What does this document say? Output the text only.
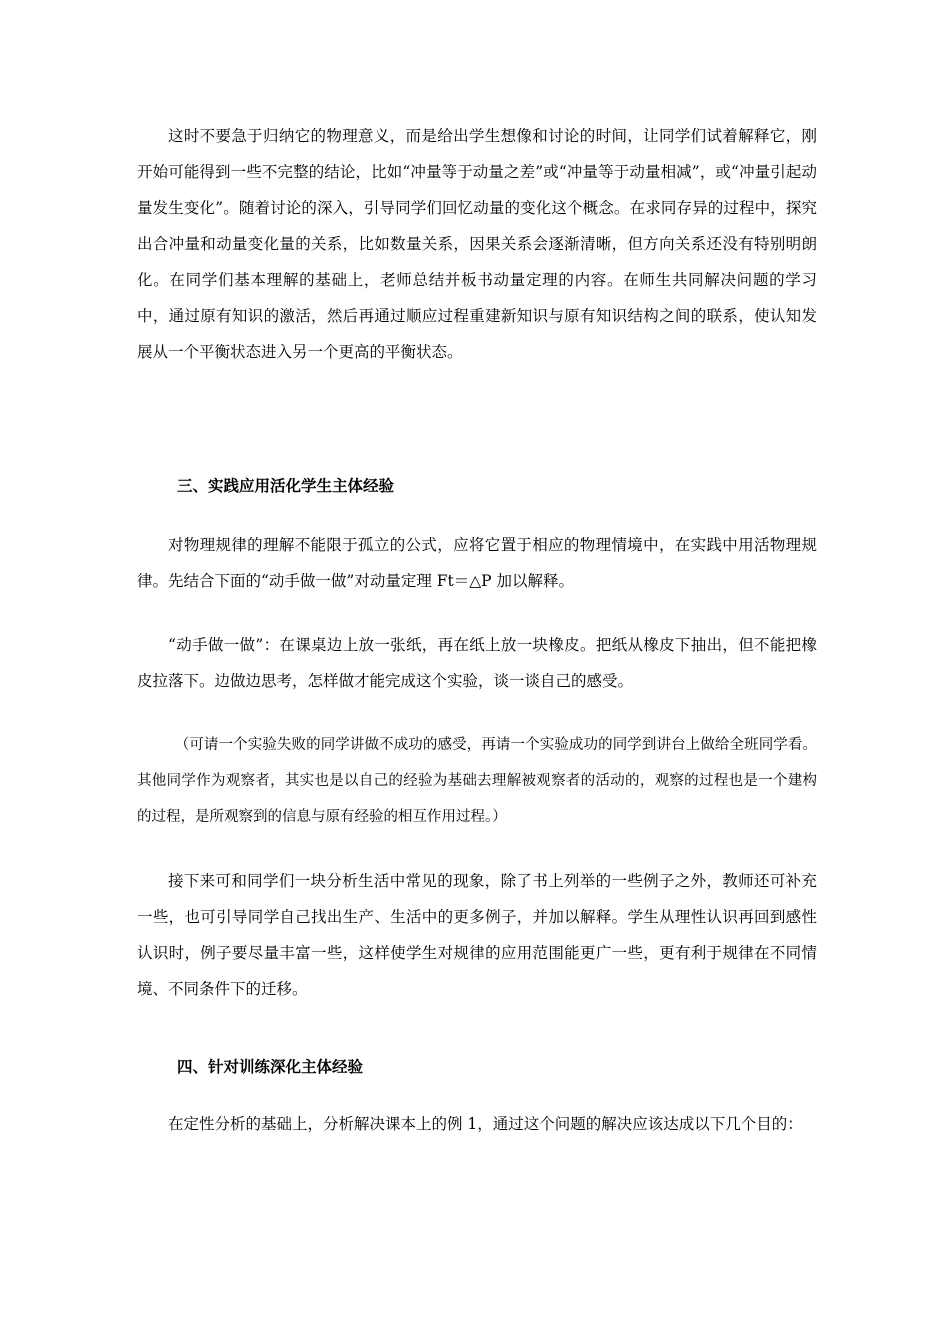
这时不要急于归纳它的物理意义，而是给出学生想像和讨论的时间，让同学们试着解释它，刚开始可能得到一些不完整的结论，比如“冲量等于动量之差”或“冲量等于动量相减”，或“冲量引起动量发生变化”。随着讨论的深入，引导同学们回忆动量的变化这个概念。在求同存异的过程中，探究出合冲量和动量变化量的关系，比如数量关系，因果关系会逐渐清晰，但方向关系还没有特别明朗化。在同学们基本理解的基础上，老师总结并板书动量定理的内容。在师生共同解决问题的学习中，通过原有知识的激活，然后再通过顺应过程重建新知识与原有知识结构之间的联系，使认知发展从一个平衡状态进入另一个更高的平衡状态。

三、实践应用活化学生主体经验

对物理规律的理解不能限于孤立的公式，应将它置于相应的物理情境中，在实践中用活物理规律。先结合下面的“动手做一做”对动量定理 Ft＝△P 加以解释。

“动手做一做”：在课桌边上放一张纸，再在纸上放一块橡皮。把纸从橡皮下抽出，但不能把橡皮拉落下。边做边思考，怎样做才能完成这个实验，谈一谈自己的感受。

（可请一个实验失败的同学讲做不成功的感受，再请一个实验成功的同学到讲台上做给全班同学看。其他同学作为观察者，其实也是以自己的经验为基础去理解被观察者的活动的，观察的过程也是一个建构的过程，是所观察到的信息与原有经验的相互作用过程。）

接下来可和同学们一块分析生活中常见的现象，除了书上列举的一些例子之外，教师还可补充一些，也可引导同学自己找出生产、生活中的更多例子，并加以解释。学生从理性认识再回到感性认识时，例子要尽量丰富一些，这样使学生对规律的应用范围能更广一些，更有利于规律在不同情境、不同条件下的迁移。

四、针对训练深化主体经验

在定性分析的基础上，分析解决课本上的例 1，通过这个问题的解决应该达成以下几个目的：
